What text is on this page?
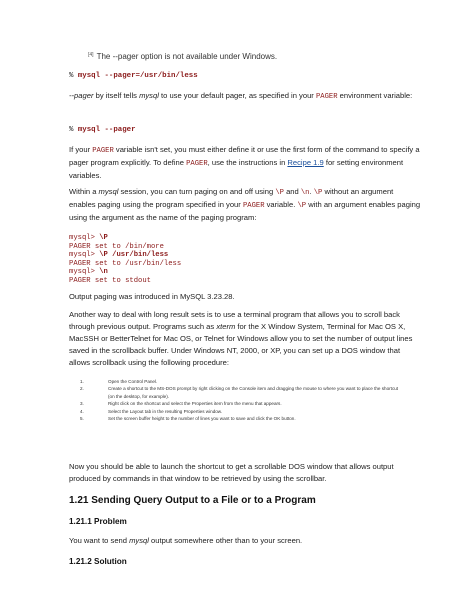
[4] The --pager option is not available under Windows.
% mysql --pager=/usr/bin/less
--pager by itself tells mysql to use your default pager, as specified in your PAGER environment variable:
% mysql --pager
If your PAGER variable isn't set, you must either define it or use the first form of the command to specify a pager program explicitly. To define PAGER, use the instructions in Recipe 1.9 for setting environment variables.
Within a mysql session, you can turn paging on and off using \P and \n. \P without an argument enables paging using the program specified in your PAGER variable. \P with an argument enables paging using the argument as the name of the paging program:
mysql> \P
PAGER set to /bin/more
mysql> \P /usr/bin/less
PAGER set to /usr/bin/less
mysql> \n
PAGER set to stdout
Output paging was introduced in MySQL 3.23.28.
Another way to deal with long result sets is to use a terminal program that allows you to scroll back through previous output. Programs such as xterm for the X Window System, Terminal for Mac OS X, MacSSH or BetterTelnet for Mac OS, or Telnet for Windows allow you to set the number of output lines saved in the scrollback buffer. Under Windows NT, 2000, or XP, you can set up a DOS window that allows scrollback using the following procedure:
1.	Open the Control Panel.
2.	Create a shortcut to the MS-DOS prompt by right clicking on the Console item and dragging the mouse to where you want to place the shortcut (on the desktop, for example).
3.	Right click on the shortcut and select the Properties item from the menu that appears.
4.	Select the Layout tab in the resulting Properties window.
5.	Set the screen buffer height to the number of lines you want to save and click the OK button.
Now you should be able to launch the shortcut to get a scrollable DOS window that allows output produced by commands in that window to be retrieved by using the scrollbar.
1.21 Sending Query Output to a File or to a Program
1.21.1 Problem
You want to send mysql output somewhere other than to your screen.
1.21.2 Solution
